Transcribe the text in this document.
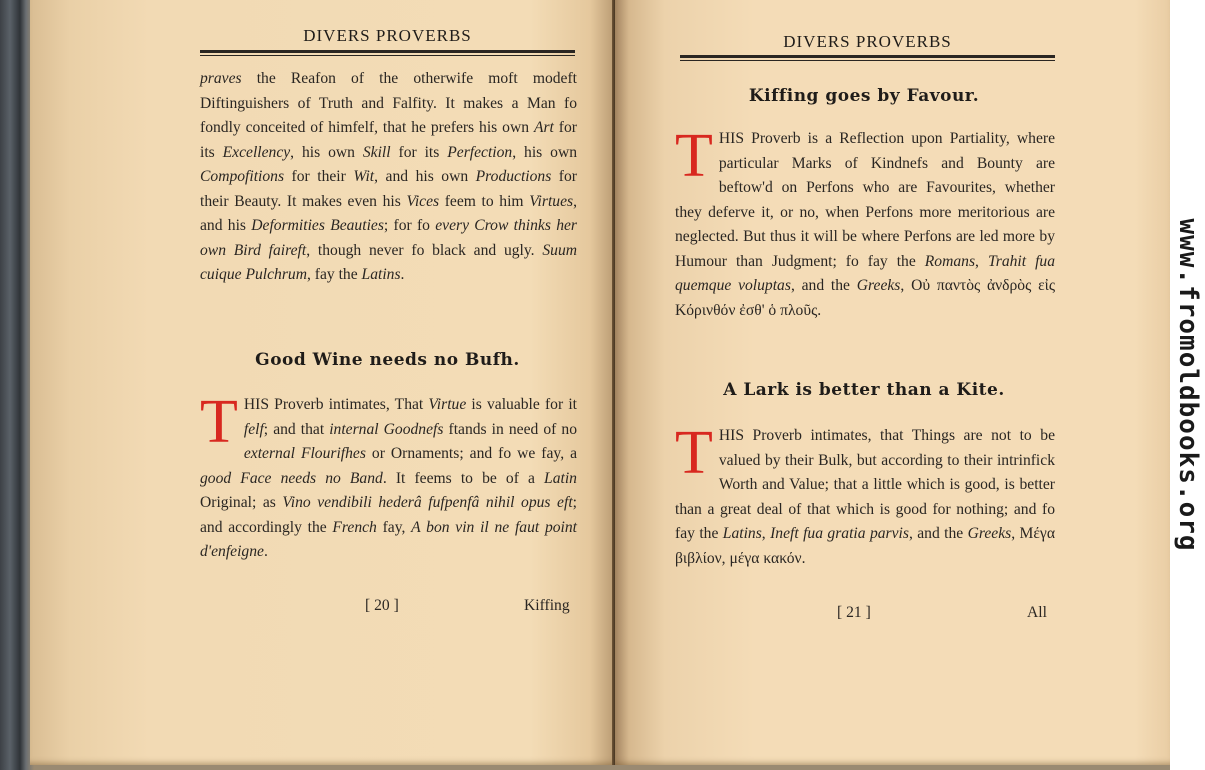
DIVERS PROVERBS

praves the Reafon of the otherwife moft modeft Diftinguishers of Truth and Falfity. It makes a Man fo fondly conceited of himfelf, that he prefers his own Art for its Excellency, his own Skill for its Perfection, his own Compofitions for their Wit, and his own Productions for their Beauty. It makes even his Vices feem to him Virtues, and his Deformities Beauties; for fo every Crow thinks her own Bird faireft, though never fo black and ugly. Suum cuique Pulchrum, fay the Latins.

Good Wine needs no Bufh.
T HIS Proverb intimates, That Virtue is valuable for it felf; and that internal Goodnefs ftands in need of no external Flourifhes or Ornaments; and fo we fay, a good Face needs no Band. It feems to be of a Latin Original; as Vino vendibili hederâ fufpenfâ nihil opus eft; and accordingly the French fay, A bon vin il ne faut point d'enfeigne.
[ 20 ]	Kiffing
DIVERS PROVERBS
Kiffing goes by Favour.
T HIS Proverb is a Reflection upon Partiality, where particular Marks of Kindnefs and Bounty are beftow'd on Perfons who are Favourites, whether they deferve it, or no, when Perfons more meritorious are neglected. But thus it will be where Perfons are led more by Humour than Judgment; fo fay the Romans, Trahit fua quemque voluptas, and the Greeks, Οὐ παντὸς ἀνδρὸς εἰς Κόρινθόν ἐσθ' ὁ πλοῦς.
A Lark is better than a Kite.
T HIS Proverb intimates, that Things are not to be valued by their Bulk, but according to their intrinfick Worth and Value; that a little which is good, is better than a great deal of that which is good for nothing; and fo fay the Latins, Ineft fua gratia parvis, and the Greeks, Μέγα βιβλίον, μέγα κακόν.
[ 21 ]	All
www.fromoldbooks.org
